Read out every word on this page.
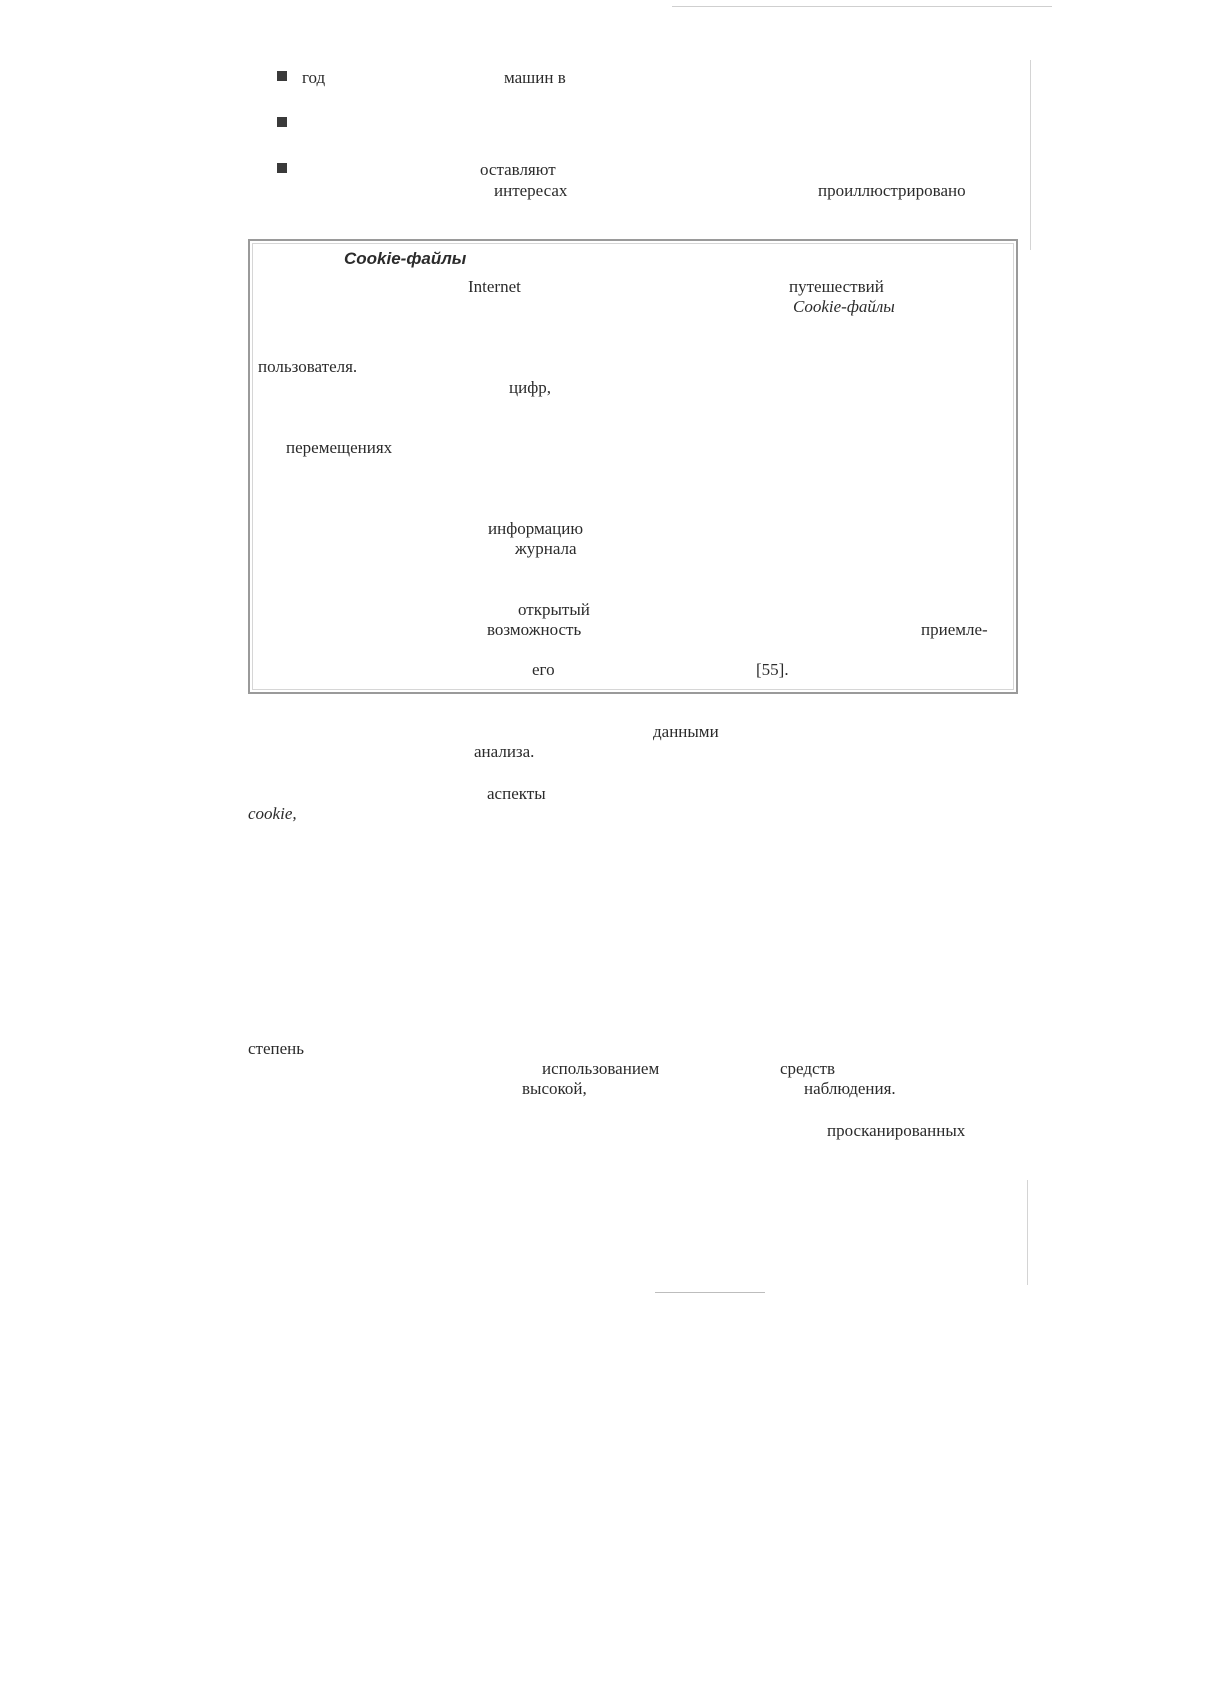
год	машин в
оставляют
интересах	проиллюстрировано
Cookie-файлы
Internet	путешествий
Cookie-файлы
пользователя.
цифр,
перемещениях
информацию
журнала
открытый
возможность	приемле-
его	[55].
данными
анализа.
аспекты
cookie,
степень
использованием	средств
высокой,	наблюдения.
просканированных
